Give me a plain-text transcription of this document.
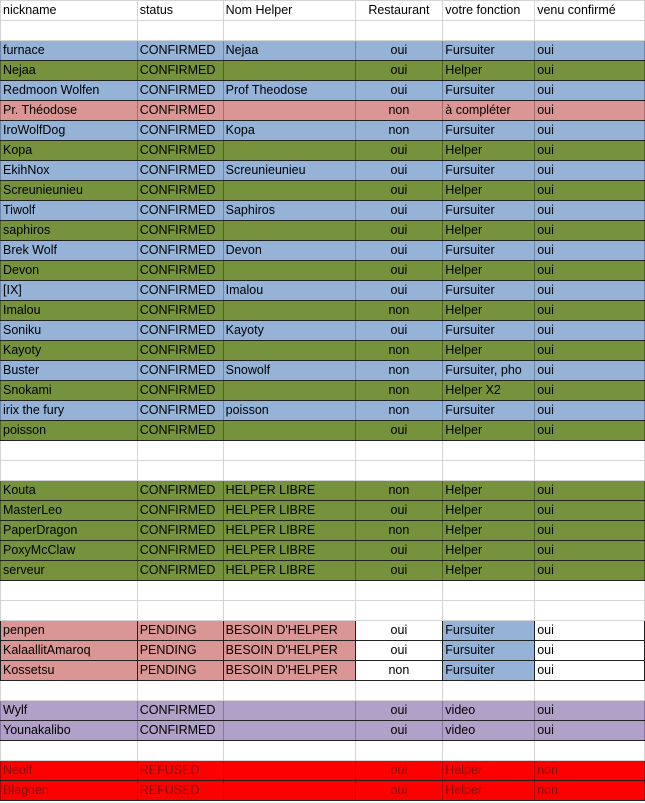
nickname	status	Nom Helper	Restaurant	votre fonction	venu confirmé

furnace	CONFIRMED	Nejaa	oui	Fursuiter	oui
Nejaa	CONFIRMED		oui	Helper	oui
Redmoon Wolfen	CONFIRMED	Prof Theodose	oui	Fursuiter	oui
Pr. Théodose	CONFIRMED		non	à compléter	oui
IroWolfDog	CONFIRMED	Kopa	non	Fursuiter	oui
Kopa	CONFIRMED		oui	Helper	oui
EkihNox	CONFIRMED	Screunieunieu	oui	Fursuiter	oui
Screunieunieu	CONFIRMED		oui	Helper	oui
Tiwolf	CONFIRMED	Saphiros	oui	Fursuiter	oui
saphiros	CONFIRMED		oui	Helper	oui
Brek Wolf	CONFIRMED	Devon	oui	Fursuiter	oui
Devon	CONFIRMED		oui	Helper	oui
[IX]	CONFIRMED	Imalou	oui	Fursuiter	oui
Imalou	CONFIRMED		non	Helper	oui
Soniku	CONFIRMED	Kayoty	oui	Fursuiter	oui
Kayoty	CONFIRMED		non	Helper	oui
Buster	CONFIRMED	Snowolf	non	Fursuiter, pho	oui
Snokami	CONFIRMED		non	Helper X2	oui
irix the fury	CONFIRMED	poisson	non	Fursuiter	oui
poisson	CONFIRMED		oui	Helper	oui

Kouta	CONFIRMED	HELPER LIBRE	non	Helper	oui
MasterLeo	CONFIRMED	HELPER LIBRE	oui	Helper	oui
PaperDragon	CONFIRMED	HELPER LIBRE	non	Helper	oui
PoxyMcClaw	CONFIRMED	HELPER LIBRE	oui	Helper	oui
serveur	CONFIRMED	HELPER LIBRE	oui	Helper	oui

penpen	PENDING	BESOIN D'HELPER	oui	Fursuiter	oui
KalaallitAmaroq	PENDING	BESOIN D'HELPER	oui	Fursuiter	oui
Kossetsu	PENDING	BESOIN D'HELPER	non	Fursuiter	oui

Wylf	CONFIRMED		oui	video	oui
Younakalibo	CONFIRMED		oui	video	oui

Neolf	REFUSED		oui	Helper	non
Blagden	REFUSED		oui	Helper	non
